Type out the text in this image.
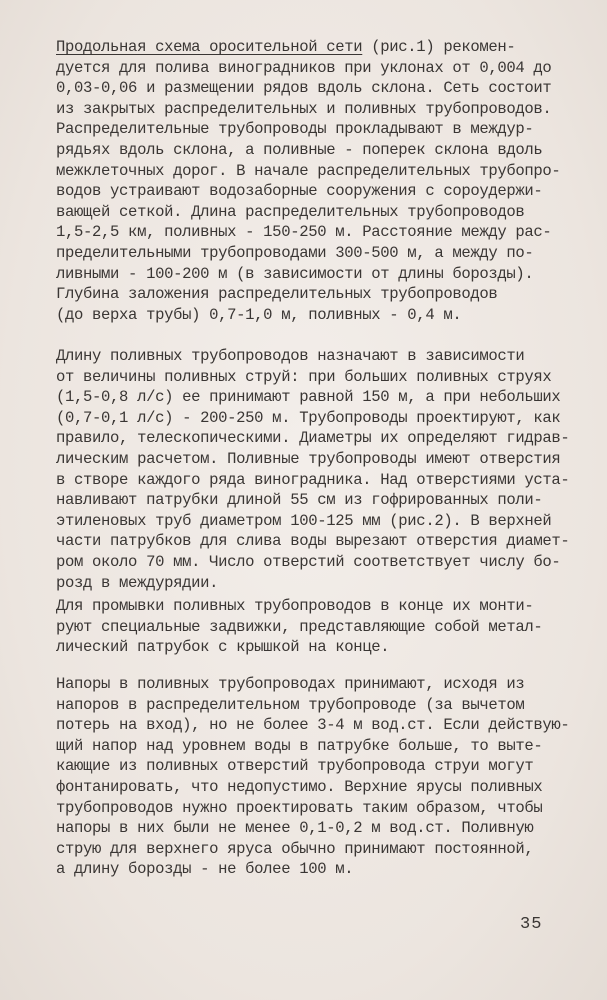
Продольная схема оросительной сети (рис.1) рекомен-
дуется для полива виноградников при уклонах от 0,004 до
0,03-0,06 и размещении рядов вдоль склона. Сеть состоит
из закрытых распределительных и поливных трубопроводов.
Распределительные трубопроводы прокладывают в междуp-
рядьях вдоль склона, а поливные - поперек склона вдоль
межклеточных дорог. В начале распределительных трубопро-
водов устраивают водозаборные сооружения с сороудержи-
вающей сеткой. Длина распределительных трубопроводов
1,5-2,5 км, поливных - 150-250 м. Расстояние между рас-
пределительными трубопроводами 300-500 м, а между по-
ливными - 100-200 м (в зависимости от длины борозды).
Глубина заложения распределительных трубопроводов
(до верха трубы) 0,7-1,0 м, поливных - 0,4 м.
Длину поливных трубопроводов назначают в зависимости
от величины поливных струй: при больших поливных струях
(1,5-0,8 л/с) ее принимают равной 150 м, а при небольших
(0,7-0,1 л/с) - 200-250 м. Трубопроводы проектируют, как
правило, телескопическими. Диаметры их определяют гидрав-
лическим расчетом. Поливные трубопроводы имеют отверстия
в створе каждого ряда виноградника. Над отверстиями уста-
навливают патрубки длиной 55 см из гофрированных поли-
этиленовых труб диаметром 100-125 мм (рис.2). В верхней
части патрубков для слива воды вырезают отверстия диамет-
ром около 70 мм. Число отверстий соответствует числу бо-
розд в междурядии.
Для промывки поливных трубопроводов в конце их монти-
руют специальные задвижки, представляющие собой метал-
лический патрубок с крышкой на конце.
Напоры в поливных трубопроводах принимают, исходя из
напоров в распределительном трубопроводе (за вычетом
потерь на вход), но не более 3-4 м вод.ст. Если действую-
щий напор над уровнем воды в патрубке больше, то выте-
кающие из поливных отверстий трубопровода струи могут
фонтанировать, что недопустимо. Верхние ярусы поливных
трубопроводов нужно проектировать таким образом, чтобы
напоры в них были не менее 0,1-0,2 м вод.ст. Поливную
струю для верхнего яруса обычно принимают постоянной,
а длину борозды - не более 100 м.
35
